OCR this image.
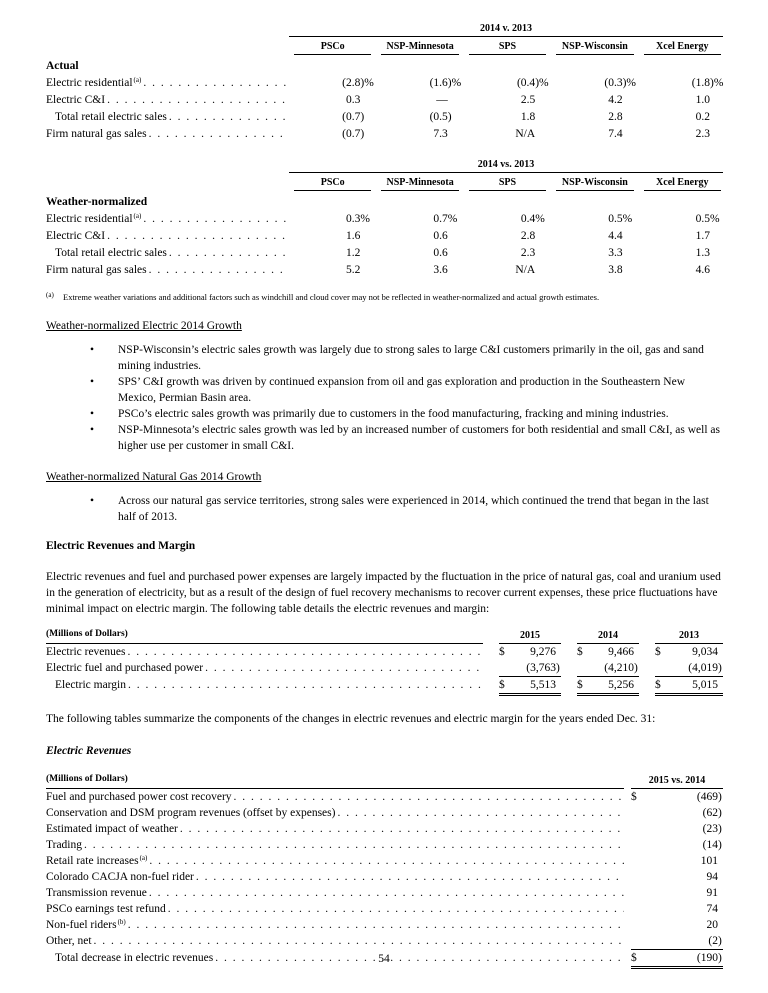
2014 v. 2013
PSCo	NSP-Minnesota	SPS	NSP-Wisconsin	Xcel Energy
Actual
Electric residential (a) . . .	(2.8 )%	(1.6 )%	(0.4 )%	(0.3 )%	(1.8 )%
Electric C&I . . .	0.3	—	2.5	4.2	1.0
Total retail electric sales . . .	(0.7 )	(0.5 )	1.8	2.8	0.2
Firm natural gas sales . . .	(0.7 )	7.3	N/A	7.4	2.3
2014 vs. 2013
PSCo	NSP-Minnesota	SPS	NSP-Wisconsin	Xcel Energy
Weather-normalized
Electric residential (a) . . .	0.3 %	0.7 %	0.4 %	0.5 %	0.5 %
Electric C&I . . .	1.6	0.6	2.8	4.4	1.7
Total retail electric sales . . .	1.2	0.6	2.3	3.3	1.3
Firm natural gas sales . . .	5.2	3.6	N/A	3.8	4.6
(a)	Extreme weather variations and additional factors such as windchill and cloud cover may not be reflected in weather-normalized and actual growth estimates.
Weather-normalized Electric 2014 Growth
•	NSP-Wisconsin’s electric sales growth was largely due to strong sales to large C&I customers primarily in the oil, gas and sand mining industries.
•	SPS’ C&I growth was driven by continued expansion from oil and gas exploration and production in the Southeastern New Mexico, Permian Basin area.
•	PSCo’s electric sales growth was primarily due to customers in the food manufacturing, fracking and mining industries.
•	NSP-Minnesota’s electric sales growth was led by an increased number of customers for both residential and small C&I, as well as higher use per customer in small C&I.
Weather-normalized Natural Gas 2014 Growth
•	Across our natural gas service territories, strong sales were experienced in 2014, which continued the trend that began in the last half of 2013.
Electric Revenues and Margin
Electric revenues and fuel and purchased power expenses are largely impacted by the fluctuation in the price of natural gas, coal and uranium used in the generation of electricity, but as a result of the design of fuel recovery mechanisms to recover current expenses, these price fluctuations have minimal impact on electric margin. The following table details the electric revenues and margin:
(Millions of Dollars)	2015	2014	2013
Electric revenues . . .	$	9,276 $	9,466 $	9,034
Electric fuel and purchased power . . .	(3,763 )	(4,210 )	(4,019 )
Electric margin . . .	$	5,513 $	5,256 $	5,015
The following tables summarize the components of the changes in electric revenues and electric margin for the years ended Dec. 31:
Electric Revenues
(Millions of Dollars)	2015 vs. 2014
Fuel and purchased power cost recovery . . .	$	(469 )
Conservation and DSM program revenues (offset by expenses) . . .	(62 )
Estimated impact of weather . . .	(23 )
Trading . . .	(14 )
Retail rate increases (a) . . .	101
Colorado CACJA non-fuel rider . . .	94
Transmission revenue . . .	91
PSCo earnings test refund . . .	74
Non-fuel riders (b) . . .	20
Other, net . . .	(2 )
Total decrease in electric revenues . . .	$	(190 )
54
